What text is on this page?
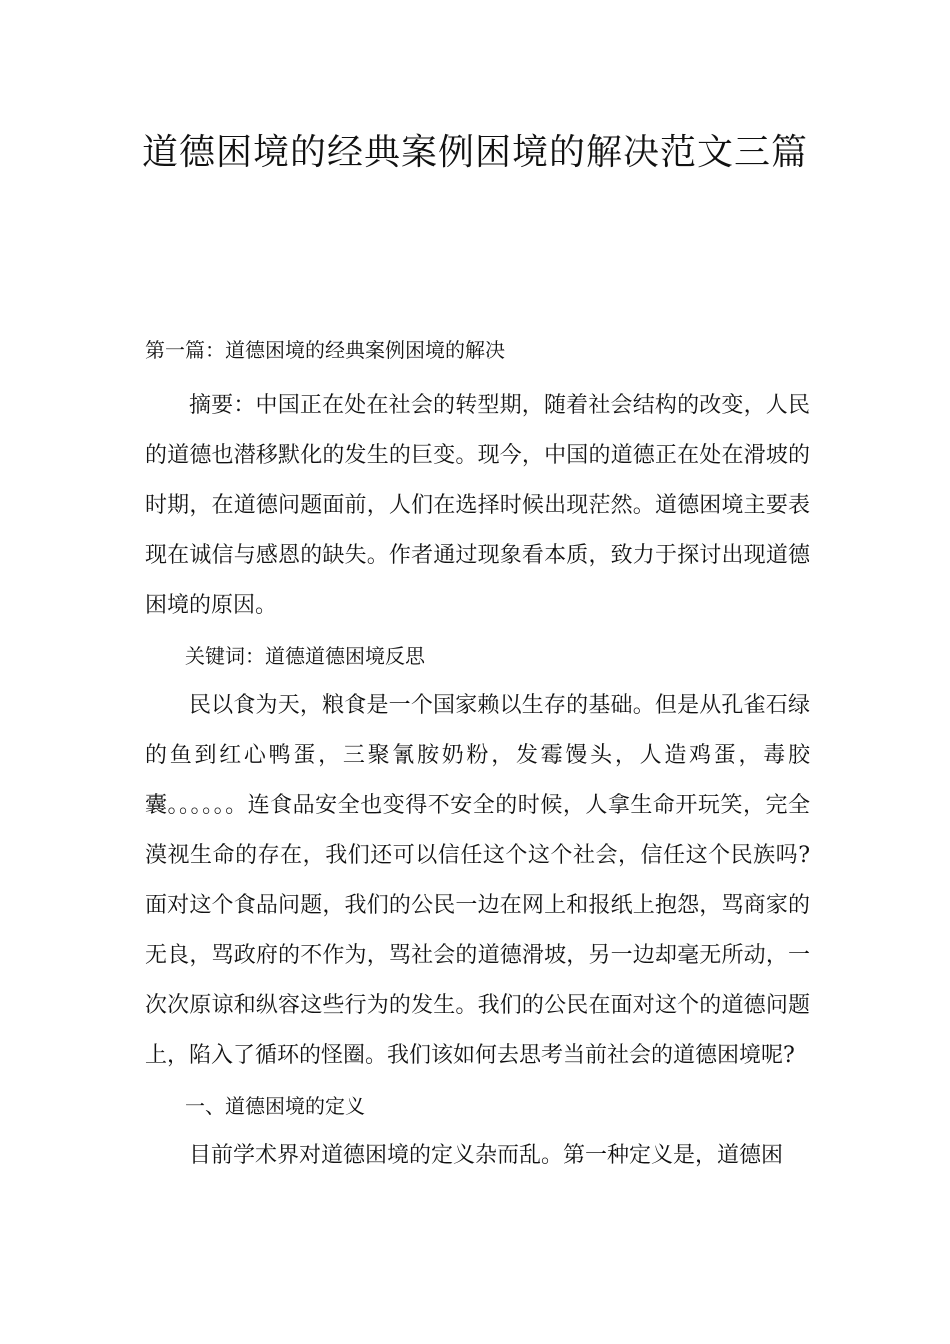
道德困境的经典案例困境的解决范文三篇

第一篇：道德困境的经典案例困境的解决

摘要：中国正在处在社会的转型期，随着社会结构的改变，人民的道德也潜移默化的发生的巨变。现今，中国的道德正在处在滑坡的时期，在道德问题面前，人们在选择时候出现茫然。道德困境主要表现在诚信与感恩的缺失。作者通过现象看本质，致力于探讨出现道德困境的原因。

关键词：道德道德困境反思

民以食为天，粮食是一个国家赖以生存的基础。但是从孔雀石绿的鱼到红心鸭蛋，三聚氰胺奶粉，发霉馒头，人造鸡蛋，毒胶囊。。。。。。连食品安全也变得不安全的时候，人拿生命开玩笑，完全漠视生命的存在，我们还可以信任这个这个社会，信任这个民族吗?面对这个食品问题，我们的公民一边在网上和报纸上抱怨，骂商家的无良，骂政府的不作为，骂社会的道德滑坡，另一边却毫无所动，一次次原谅和纵容这些行为的发生。我们的公民在面对这个的道德问题上，陷入了循环的怪圈。我们该如何去思考当前社会的道德困境呢?

一、道德困境的定义

目前学术界对道德困境的定义杂而乱。第一种定义是，道德困
